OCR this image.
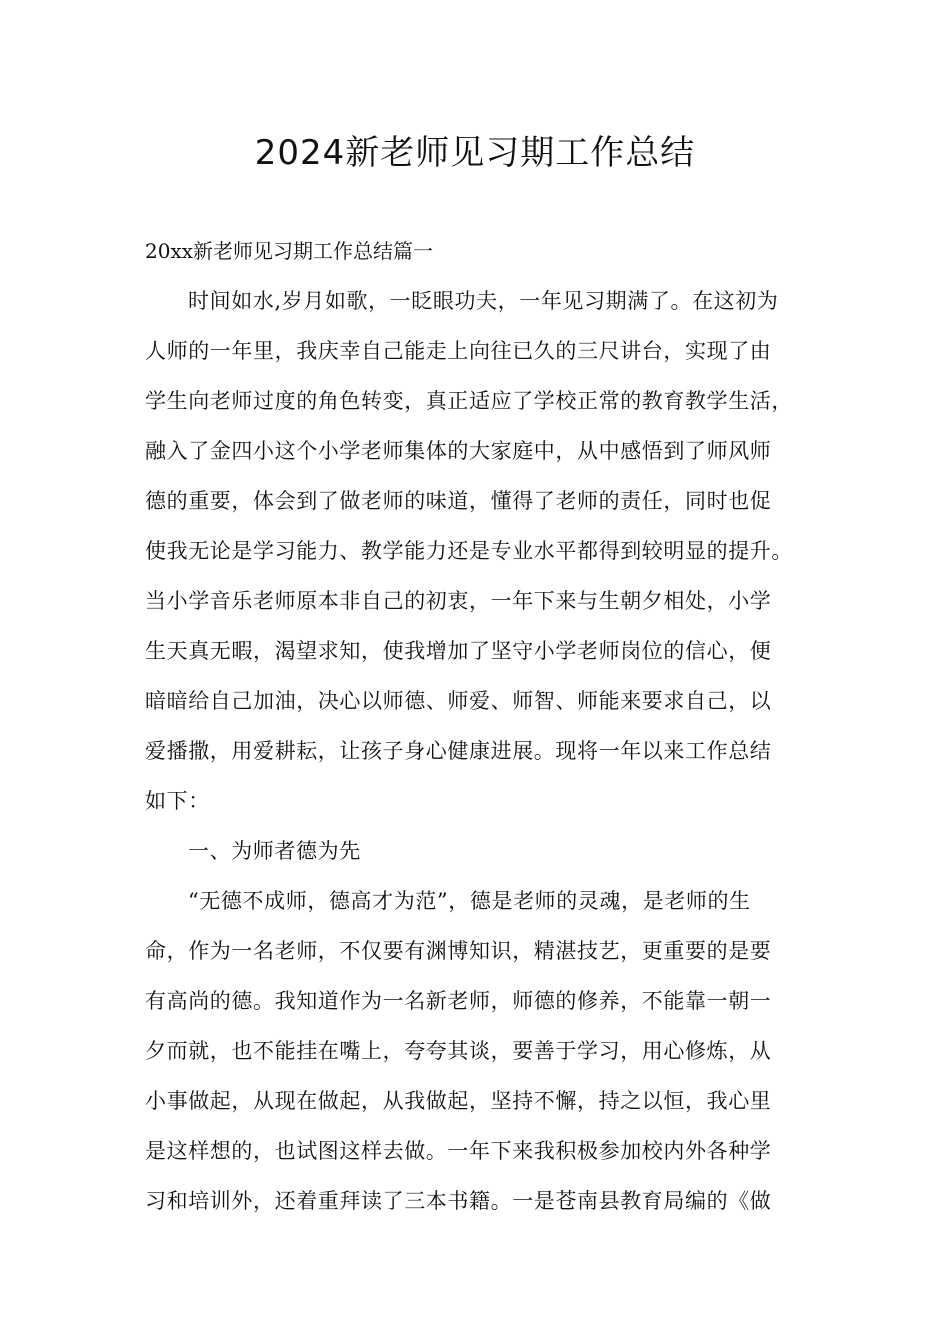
2024新老师见习期工作总结

20xx新老师见习期工作总结篇一

时间如水,岁月如歌，一眨眼功夫，一年见习期满了。在这初为

人师的一年里，我庆幸自己能走上向往已久的三尺讲台，实现了由

学生向老师过度的角色转变，真正适应了学校正常的教育教学生活，

融入了金四小这个小学老师集体的大家庭中，从中感悟到了师风师

德的重要，体会到了做老师的味道，懂得了老师的责任，同时也促

使我无论是学习能力、教学能力还是专业水平都得到较明显的提升。

当小学音乐老师原本非自己的初衷，一年下来与生朝夕相处，小学

生天真无暇，渴望求知，使我增加了坚守小学老师岗位的信心，便

暗暗给自己加油，决心以师德、师爱、师智、师能来要求自己，以

爱播撒，用爱耕耘，让孩子身心健康进展。现将一年以来工作总结

如下：

一、为师者德为先

“无德不成师，德高才为范”，德是老师的灵魂，是老师的生

命，作为一名老师，不仅要有渊博知识，精湛技艺，更重要的是要

有高尚的德。我知道作为一名新老师，师德的修养，不能靠一朝一

夕而就，也不能挂在嘴上，夸夸其谈，要善于学习，用心修炼，从

小事做起，从现在做起，从我做起，坚持不懈，持之以恒，我心里

是这样想的，也试图这样去做。一年下来我积极参加校内外各种学

习和培训外，还着重拜读了三本书籍。一是苍南县教育局编的《做
